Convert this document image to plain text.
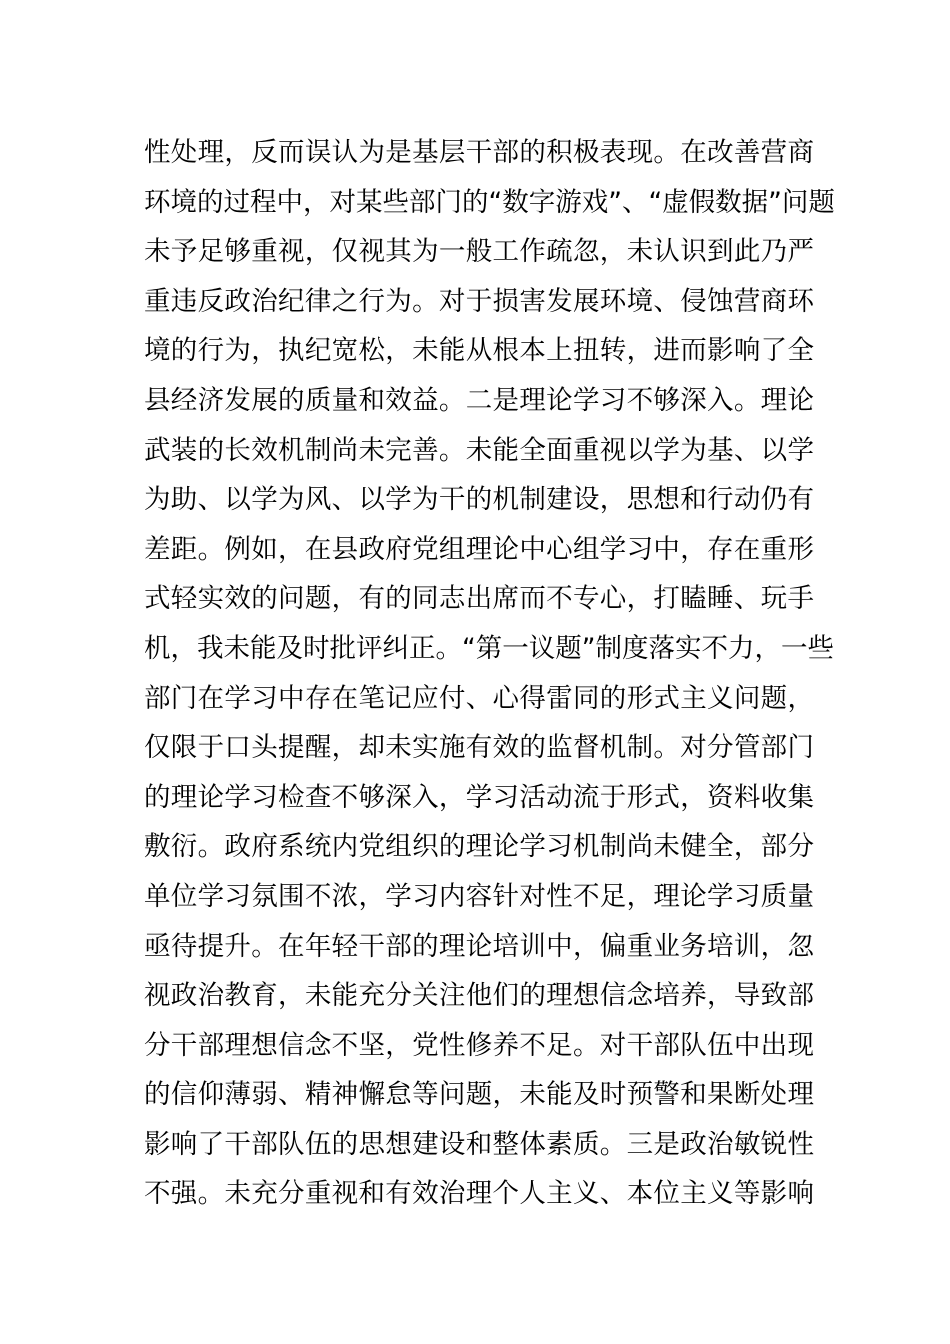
性处理，反而误认为是基层干部的积极表现。在改善营商
环境的过程中，对某些部门的“数字游戏”、“虚假数据”问题
未予足够重视，仅视其为一般工作疏忽，未认识到此乃严
重违反政治纪律之行为。对于损害发展环境、侵蚀营商环
境的行为，执纪宽松，未能从根本上扭转，进而影响了全
县经济发展的质量和效益。二是理论学习不够深入。理论
武装的长效机制尚未完善。未能全面重视以学为基、以学
为助、以学为风、以学为干的机制建设，思想和行动仍有
差距。例如，在县政府党组理论中心组学习中，存在重形
式轻实效的问题，有的同志出席而不专心，打瞌睡、玩手
机，我未能及时批评纠正。“第一议题”制度落实不力，一些
部门在学习中存在笔记应付、心得雷同的形式主义问题，
仅限于口头提醒，却未实施有效的监督机制。对分管部门
的理论学习检查不够深入，学习活动流于形式，资料收集
敷衍。政府系统内党组织的理论学习机制尚未健全，部分
单位学习氛围不浓，学习内容针对性不足，理论学习质量
亟待提升。在年轻干部的理论培训中，偏重业务培训，忽
视政治教育，未能充分关注他们的理想信念培养，导致部
分干部理想信念不坚，党性修养不足。对干部队伍中出现
的信仰薄弱、精神懈怠等问题，未能及时预警和果断处理
影响了干部队伍的思想建设和整体素质。三是政治敏锐性
不强。未充分重视和有效治理个人主义、本位主义等影响
